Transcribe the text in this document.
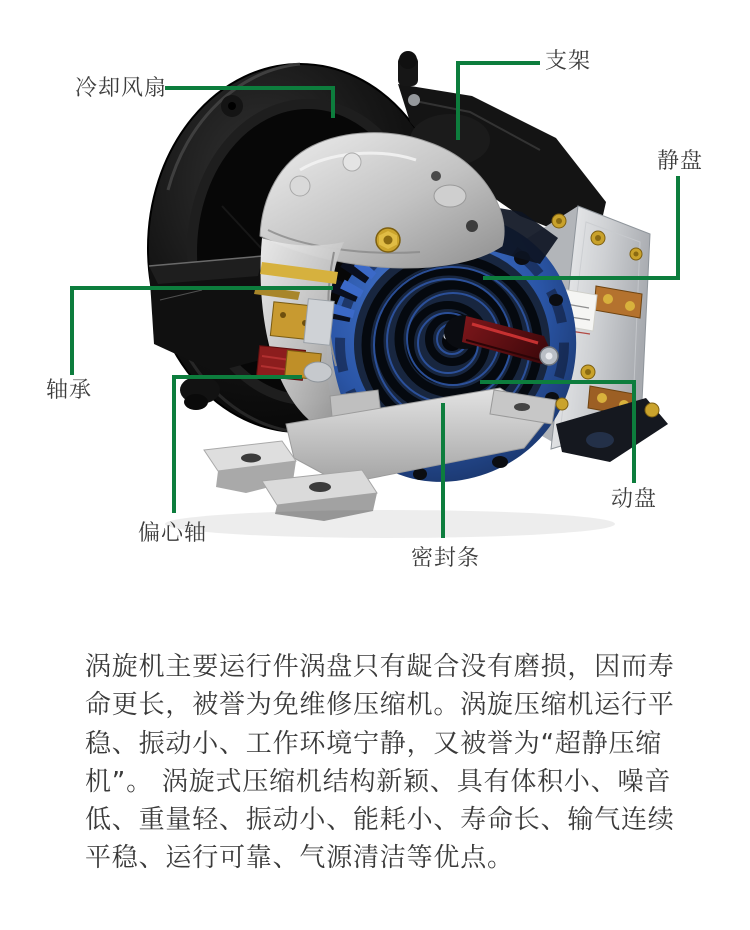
冷却风扇
支架
静盘
轴承
偏心轴
动盘
密封条
涡旋机主要运行件涡盘只有龊合没有磨损，因而寿
命更长，被誉为免维修压缩机。涡旋压缩机运行平
稳、振动小、工作环境宁静，又被誉为“超静压缩
机”。 涡旋式压缩机结构新颖、具有体积小、噪音
低、重量轻、振动小、能耗小、寿命长、输气连续
平稳、运行可靠、气源清洁等优点。
